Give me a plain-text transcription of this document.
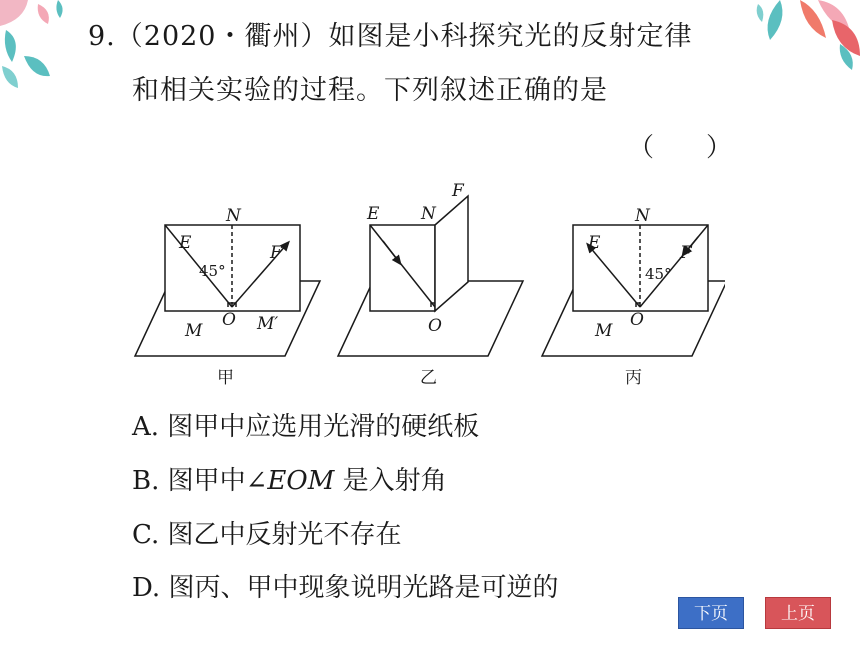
9.（2020・衢州）如图是小科探究光的反射定律
和相关实验的过程。下列叙述正确的是
（　　）
N
E	F
O
M	M′
E N
F
O
N
E	F
O
M
45°	45°
甲	乙	丙
A. 图甲中应选用光滑的硬纸板
B. 图甲中∠EOM 是入射角
C. 图乙中反射光不存在
D. 图丙、甲中现象说明光路是可逆的
下页	上页
